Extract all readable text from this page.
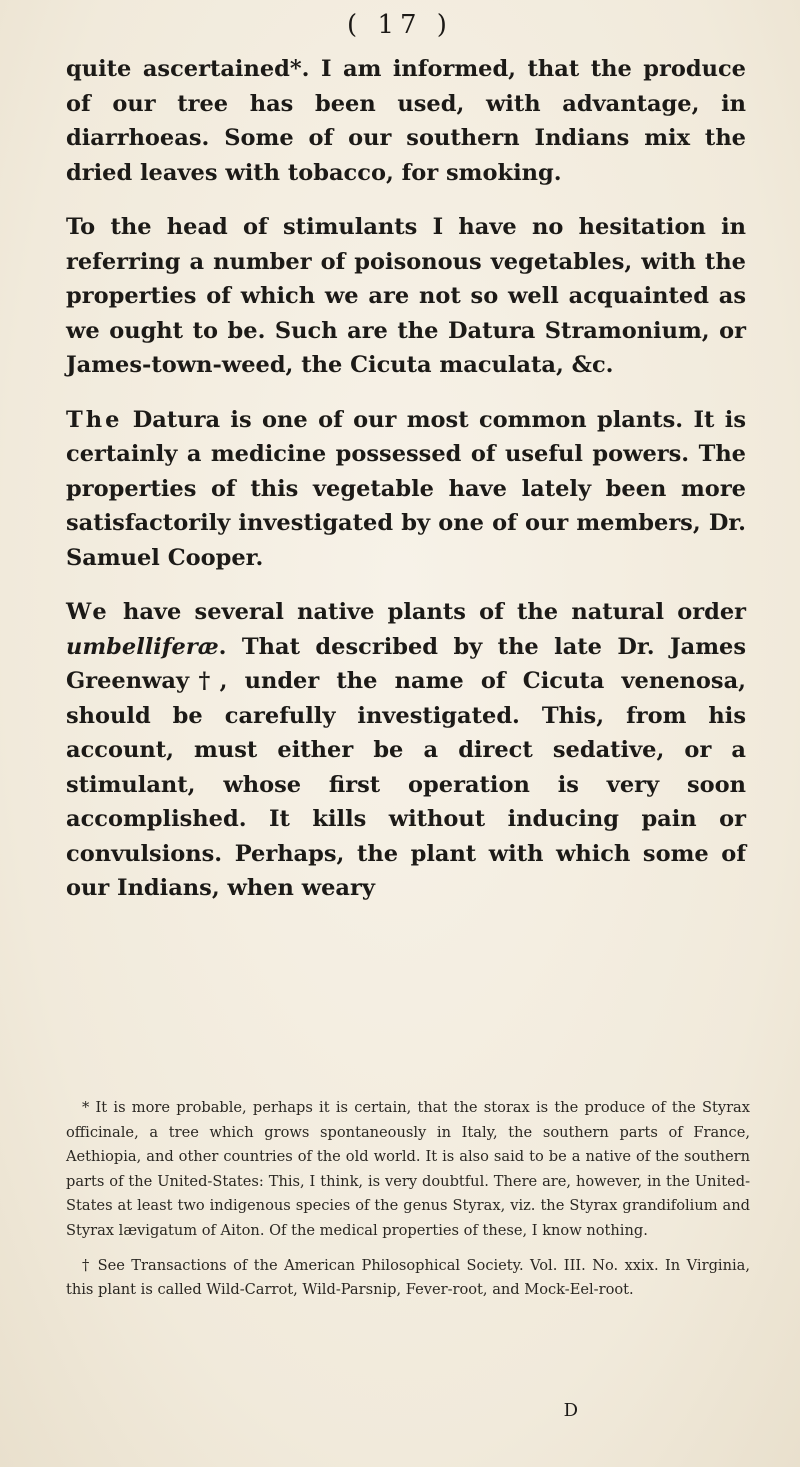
( 17 )

quite ascertained*. I am informed, that the produce of our tree has been used, with advantage, in diarrhoeas. Some of our southern Indians mix the dried leaves with tobacco, for smoking.

To the head of stimulants I have no hesitation in referring a number of poisonous vegetables, with the properties of which we are not so well acquainted as we ought to be. Such are the Datura Stramonium, or James-town-weed, the Cicuta maculata, &c.

The Datura is one of our most common plants. It is certainly a medicine possessed of useful powers. The properties of this vegetable have lately been more satisfactorily investigated by one of our members, Dr. Samuel Cooper.

We have several native plants of the natural order umbelliferæ. That described by the late Dr. James Greenway†, under the name of Cicuta venenosa, should be carefully investigated. This, from his account, must either be a direct sedative, or a stimulant, whose first operation is very soon accomplished. It kills without inducing pain or convulsions. Perhaps, the plant with which some of our Indians, when weary

* It is more probable, perhaps it is certain, that the storax is the produce of the Styrax officinale, a tree which grows spontaneously in Italy, the southern parts of France, Aethiopia, and other countries of the old world. It is also said to be a native of the southern parts of the United-States: This, I think, is very doubtful. There are, however, in the United-States at least two indigenous species of the genus Styrax, viz. the Styrax grandifolium and Styrax lævigatum of Aiton. Of the medical properties of these, I know nothing.

† See Transactions of the American Philosophical Society. Vol. III. No. xxix. In Virginia, this plant is called Wild-Carrot, Wild-Parsnip, Fever-root, and Mock-Eel-root.

D
